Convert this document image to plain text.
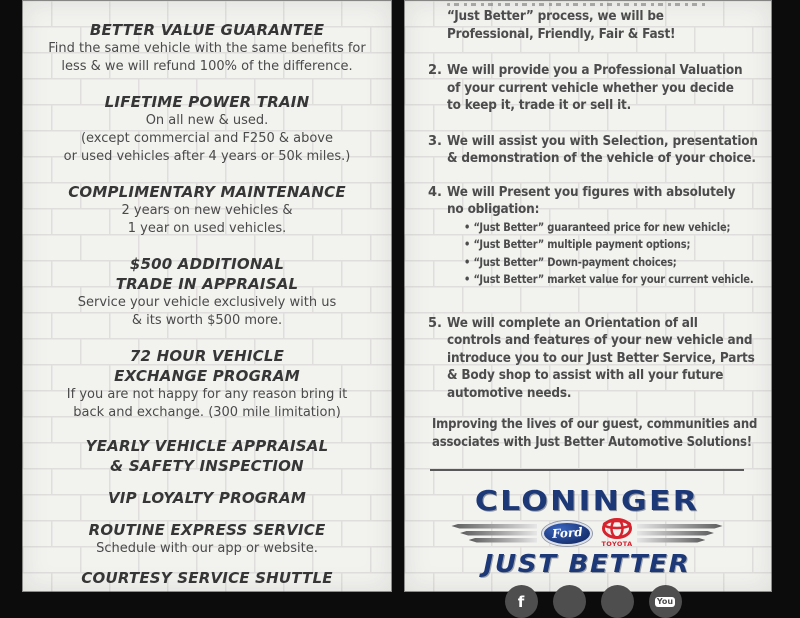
BETTER VALUE GUARANTEE
Find the same vehicle with the same benefits for
less & we will refund 100% of the difference.
LIFETIME POWER TRAIN
On all new & used.
(except commercial and F250 & above
or used vehicles after 4 years or 50k miles.)
COMPLIMENTARY MAINTENANCE
2 years on new vehicles &
1 year on used vehicles.
$500 ADDITIONAL
TRADE IN APPRAISAL
Service your vehicle exclusively with us
& its worth $500 more.
72 HOUR VEHICLE
EXCHANGE PROGRAM
If you are not happy for any reason bring it
back and exchange. (300 mile limitation)
YEARLY VEHICLE APPRAISAL
& SAFETY INSPECTION
VIP LOYALTY PROGRAM
ROUTINE EXPRESS SERVICE
Schedule with our app or website.
COURTESY SERVICE SHUTTLE
“Just Better” process, we will be
Professional, Friendly, Fair & Fast!
2. We will provide you a Professional Valuation
of your current vehicle whether you decide
to keep it, trade it or sell it.
3. We will assist you with Selection, presentation
& demonstration of the vehicle of your choice.
4. We will Present you figures with absolutely
no obligation:
• “Just Better” guaranteed price for new vehicle;
• “Just Better” multiple payment options;
• “Just Better” Down-payment choices;
• “Just Better” market value for your current vehicle.
5. We will complete an Orientation of all
controls and features of your new vehicle and
introduce you to our Just Better Service, Parts
& Body shop to assist with all your future
automotive needs.
Improving the lives of our guest, communities and
associates with Just Better Automotive Solutions!
CLONINGER
Ford
TOYOTA
JUST BETTER
f	You
